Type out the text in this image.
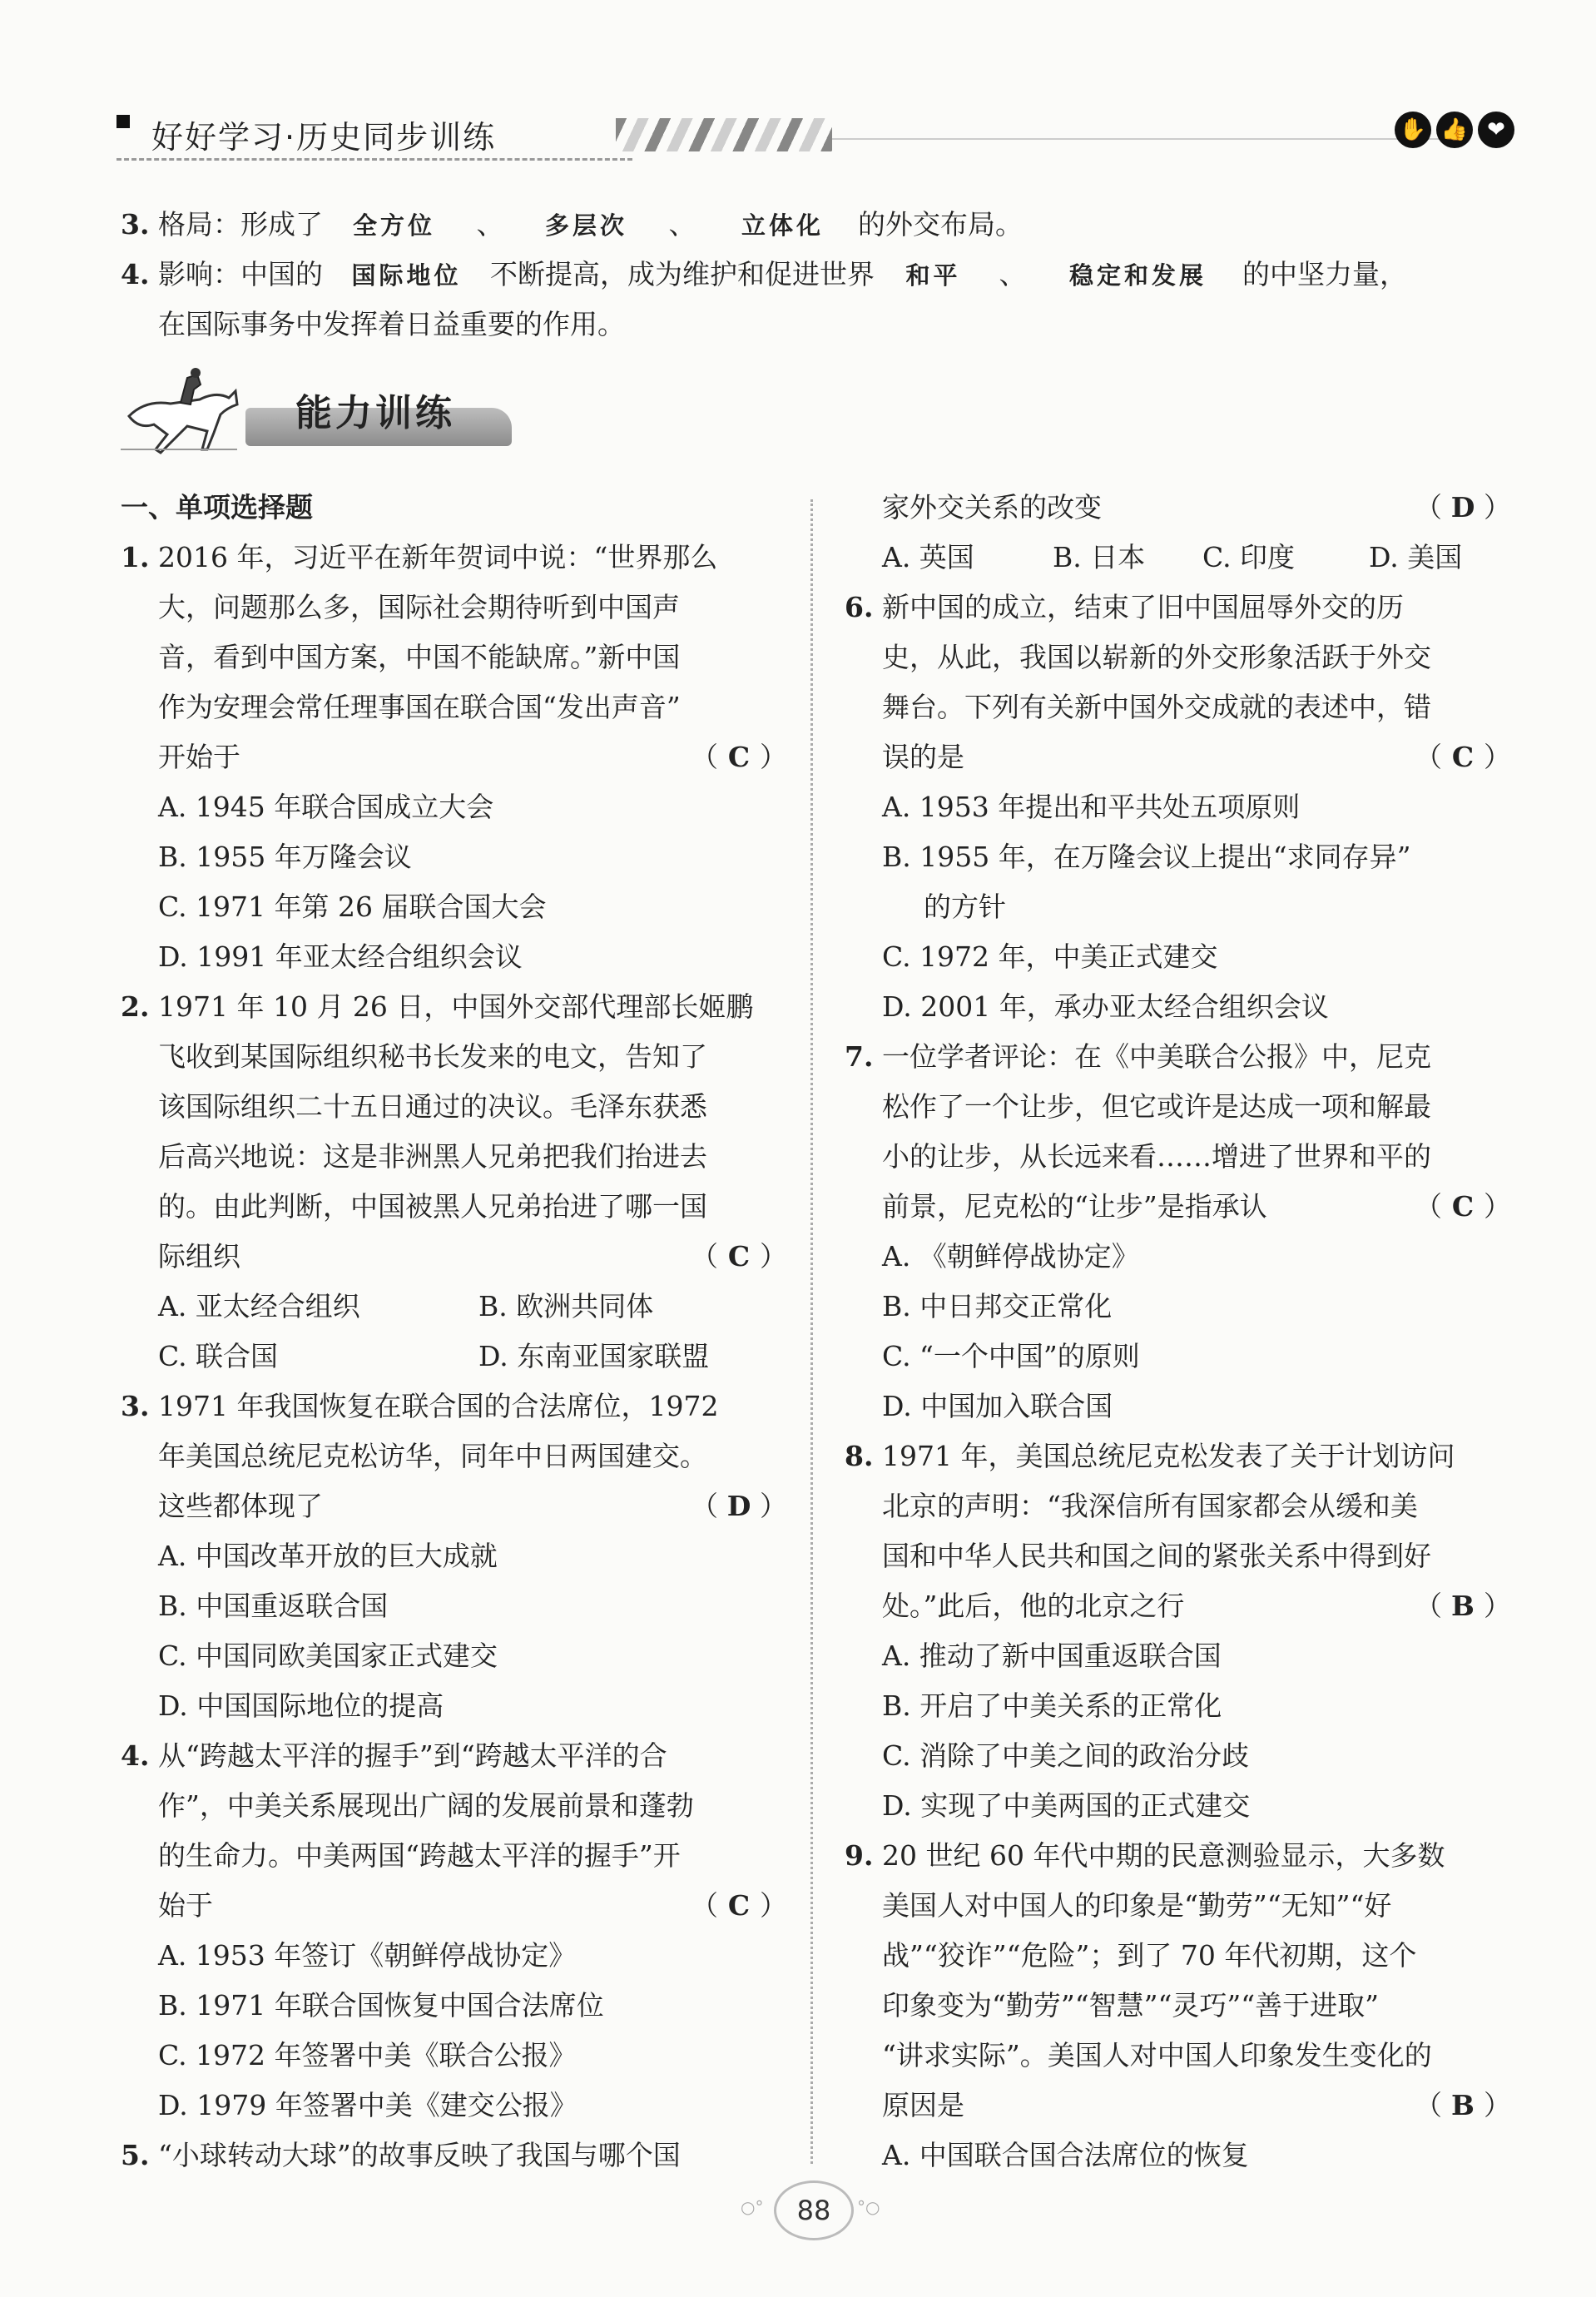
好好学习·历史同步训练	✋ 👍 ❤
3. 格局：形成了 全方位 、 多层次 、 立体化 的外交布局。
4. 影响：中国的 国际地位 不断提高，成为维护和促进世界 和平 、 稳定和发展 的中坚力量，
在国际事务中发挥着日益重要的作用。
能力训练
一、单项选择题
1. 2016 年，习近平在新年贺词中说：“世界那么
大，问题那么多，国际社会期待听到中国声
音，看到中国方案，中国不能缺席。”新中国
作为安理会常任理事国在联合国“发出声音”
开始于	（ C ）
A. 1945 年联合国成立大会
B. 1955 年万隆会议
C. 1971 年第 26 届联合国大会
D. 1991 年亚太经合组织会议
2. 1971 年 10 月 26 日，中国外交部代理部长姬鹏
飞收到某国际组织秘书长发来的电文，告知了
该国际组织二十五日通过的决议。毛泽东获悉
后高兴地说：这是非洲黑人兄弟把我们抬进去
的。由此判断，中国被黑人兄弟抬进了哪一国
际组织	（ C ）
A. 亚太经合组织	B. 欧洲共同体
C. 联合国	D. 东南亚国家联盟
3. 1971 年我国恢复在联合国的合法席位，1972
年美国总统尼克松访华，同年中日两国建交。
这些都体现了	（ D ）
A. 中国改革开放的巨大成就
B. 中国重返联合国
C. 中国同欧美国家正式建交
D. 中国国际地位的提高
4. 从“跨越太平洋的握手”到“跨越太平洋的合
作”，中美关系展现出广阔的发展前景和蓬勃
的生命力。中美两国“跨越太平洋的握手”开
始于	（ C ）
A. 1953 年签订《朝鲜停战协定》
B. 1971 年联合国恢复中国合法席位
C. 1972 年签署中美《联合公报》
D. 1979 年签署中美《建交公报》
5. “小球转动大球”的故事反映了我国与哪个国
家外交关系的改变	（ D ）
A. 英国	B. 日本 C. 印度	D. 美国
6. 新中国的成立，结束了旧中国屈辱外交的历
史，从此，我国以崭新的外交形象活跃于外交
舞台。下列有关新中国外交成就的表述中，错
误的是	（ C ）
A. 1953 年提出和平共处五项原则
B. 1955 年，在万隆会议上提出“求同存异”
的方针
C. 1972 年，中美正式建交
D. 2001 年，承办亚太经合组织会议
7. 一位学者评论：在《中美联合公报》中，尼克
松作了一个让步，但它或许是达成一项和解最
小的让步，从长远来看……增进了世界和平的
前景，尼克松的“让步”是指承认	（ C ）
A. 《朝鲜停战协定》
B. 中日邦交正常化
C. “一个中国”的原则
D. 中国加入联合国
8. 1971 年，美国总统尼克松发表了关于计划访问
北京的声明：“我深信所有国家都会从缓和美
国和中华人民共和国之间的紧张关系中得到好
处。”此后，他的北京之行	（ B ）
A. 推动了新中国重返联合国
B. 开启了中美关系的正常化
C. 消除了中美之间的政治分歧
D. 实现了中美两国的正式建交
9. 20 世纪 60 年代中期的民意测验显示，大多数
美国人对中国人的印象是“勤劳”“无知”“好
战”“狡诈”“危险”；到了 70 年代初期，这个
印象变为“勤劳”“智慧”“灵巧”“善于进取”
“讲求实际”。美国人对中国人印象发生变化的
原因是	（ B ）
A. 中国联合国合法席位的恢复
○°	88	°○
